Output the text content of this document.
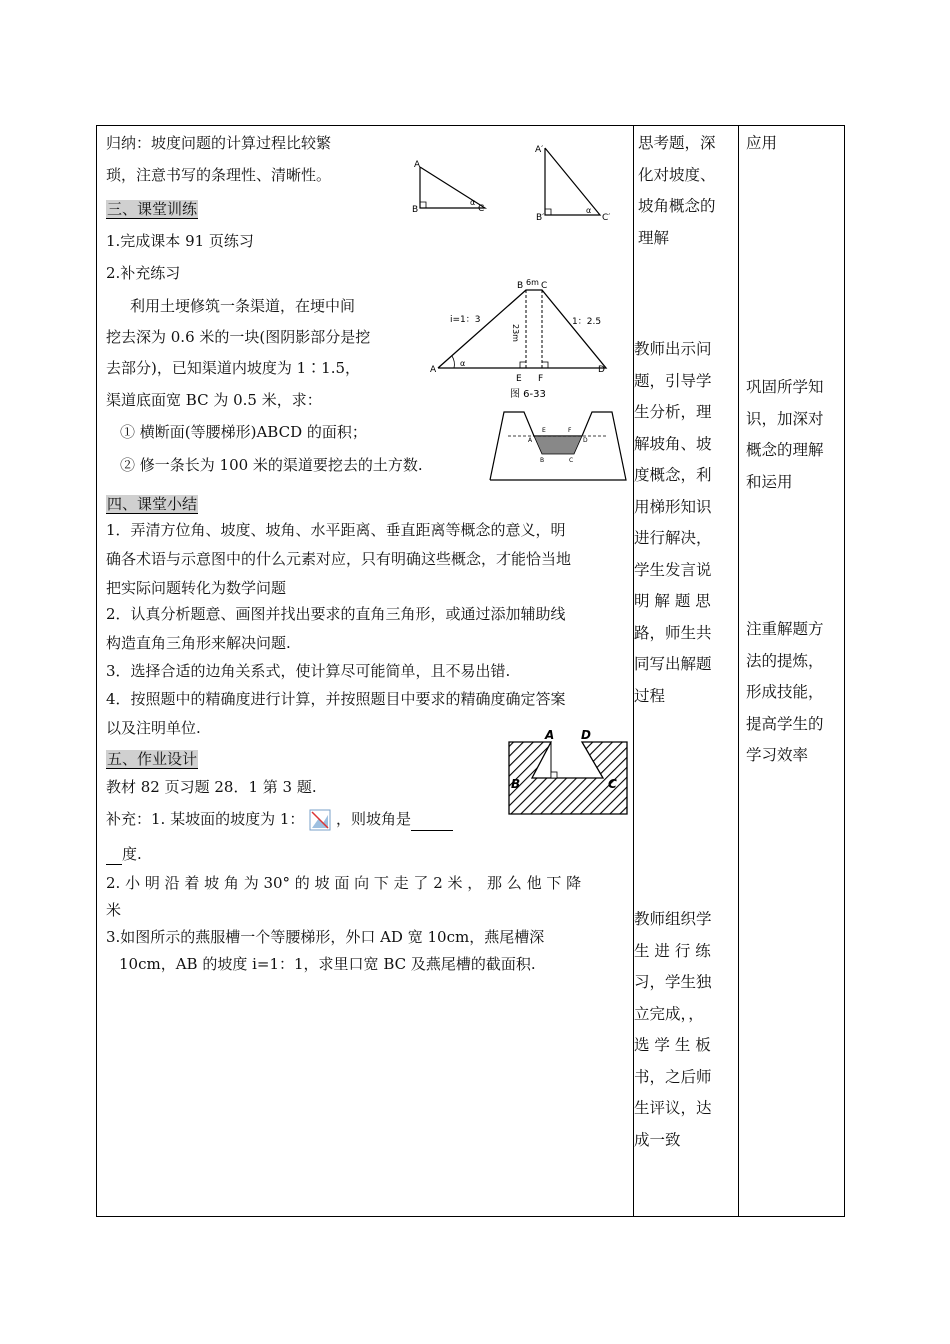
归纳：坡度问题的计算过程比较繁
琐，注意书写的条理性、清晰性。
A
B	C
α
A′
B′	C′
α
三、课堂训练
1.完成课本 91 页练习
2.补充练习
利用土埂修筑一条渠道，在埂中间
挖去深为 0.6 米的一块(图阴影部分是挖
去部分)，已知渠道内坡度为 1∶1.5，
渠道底面宽 BC 为 0.5 米，求：
① 横断面(等腰梯形)ABCD 的面积；
② 修一条长为 100 米的渠道要挖去的土方数.
B 6m C
i=1：3	1：2.5
23m
A
α
E F
D
图 6-33
A
E	F
D
B	C
四、课堂小结
1．弄清方位角、坡度、坡角、水平距离、垂直距离等概念的意义，明
确各术语与示意图中的什么元素对应，只有明确这些概念，才能恰当地
把实际问题转化为数学问题
2．认真分析题意、画图并找出要求的直角三角形，或通过添加辅助线
构造直角三角形来解决问题.
3．选择合适的边角关系式，使计算尽可能简单，且不易出错.
4．按照题中的精确度进行计算，并按照题目中要求的精确度确定答案
以及注明单位.
五、作业设计
A D
B	C
教材 82 页习题 28．1 第 3 题.
补充：1. 某坡面的坡度为 1： ，则坡角是
度.
2. 小 明 沿 着 坡 角 为 30° 的 坡 面 向 下 走 了 2 米 ， 那 么 他 下 降
米
3.如图所示的燕服槽一个等腰梯形，外口 AD 宽 10cm，燕尾槽深
10cm，AB 的坡度 i=1：1，求里口宽 BC 及燕尾槽的截面积.
思考题，深
化对坡度、
坡角概念的
理解
教师出示问
题，引导学
生分析，理
解坡角、坡
度概念，利
用梯形知识
进行解决，
学生发言说
明 解 题 思
路，师生共
同写出解题
过程
教师组织学
生 进 行 练
习，学生独
立完成，，
选 学 生 板
书，之后师
生评议，达
成一致
应用
巩固所学知
识，加深对
概念的理解
和运用
注重解题方
法的提炼，
形成技能，
提高学生的
学习效率
